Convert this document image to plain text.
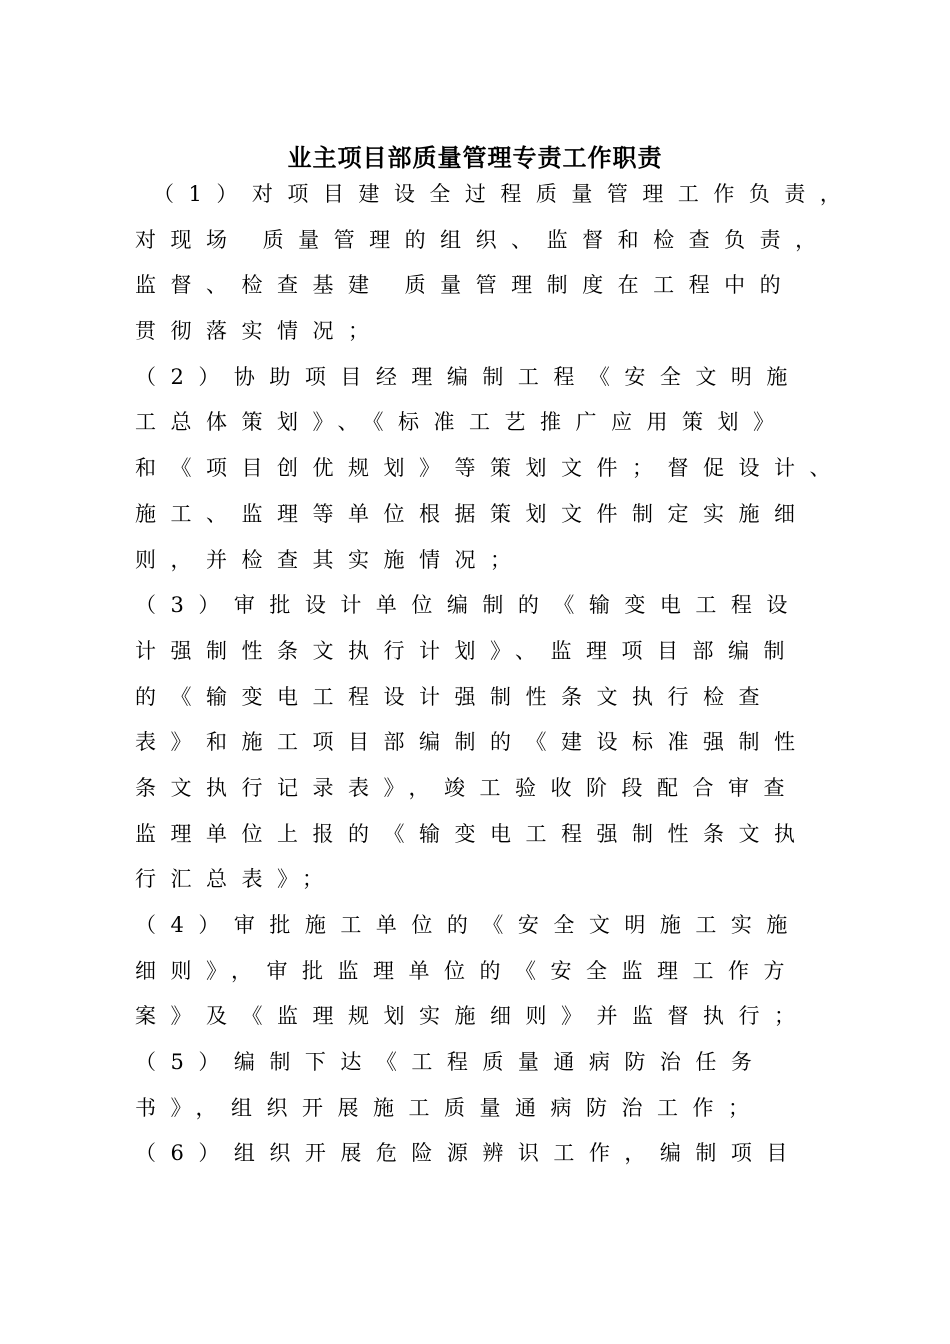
业主项目部质量管理专责工作职责
（1）对项目建设全过程质量管理工作负责，
对现场 质量管理的组织、监督和检查负责，
监督、检查基建 质量管理制度在工程中的
贯彻落实情况；
（2）协助项目经理编制工程《安全文明施
工总体策划》、《标准工艺推广应用策划》
和《项目创优规划》等策划文件；督促设计、
施工、监理等单位根据策划文件制定实施细
则，并检查其实施情况；
（3）审批设计单位编制的《输变电工程设
计强制性条文执行计划》、监理项目部编制
的《输变电工程设计强制性条文执行检查
表》和施工项目部编制的《建设标准强制性
条文执行记录表》，竣工验收阶段配合审查
监理单位上报的《输变电工程强制性条文执
行汇总表》；
（4）审批施工单位的《安全文明施工实施
细则》，审批监理单位的《安全监理工作方
案》及《监理规划实施细则》并监督执行；
（5）编制下达《工程质量通病防治任务
书》，组织开展施工质量通病防治工作；
（6）组织开展危险源辨识工作，编制项目
